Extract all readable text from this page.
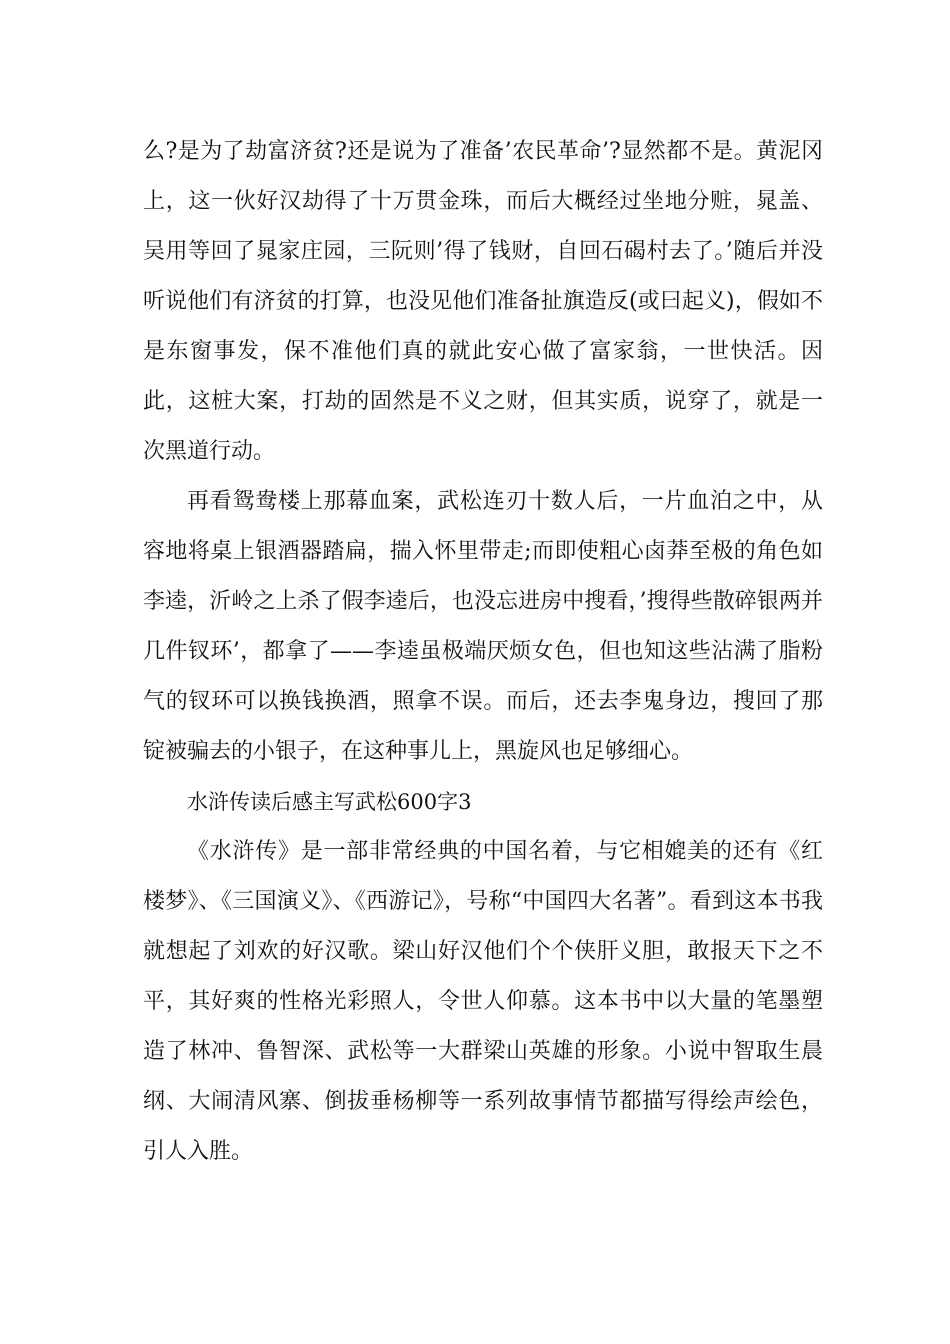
么?是为了劫富济贫?还是说为了准备’农民革命’?显然都不是。黄泥冈上，这一伙好汉劫得了十万贯金珠，而后大概经过坐地分赃，晁盖、吴用等回了晁家庄园，三阮则’得了钱财，自回石碣村去了。’随后并没听说他们有济贫的打算，也没见他们准备扯旗造反(或曰起义)，假如不是东窗事发，保不准他们真的就此安心做了富家翁，一世快活。因此，这桩大案，打劫的固然是不义之财，但其实质，说穿了，就是一次黑道行动。

再看鸳鸯楼上那幕血案，武松连刃十数人后，一片血泊之中，从容地将桌上银酒器踏扁，揣入怀里带走;而即使粗心卤莽至极的角色如李逵，沂岭之上杀了假李逵后，也没忘进房中搜看，’搜得些散碎银两并几件钗环’，都拿了——李逵虽极端厌烦女色，但也知这些沾满了脂粉气的钗环可以换钱换酒，照拿不误。而后，还去李鬼身边，搜回了那锭被骗去的小银子，在这种事儿上，黑旋风也足够细心。

水浒传读后感主写武松600字3

《水浒传》是一部非常经典的中国名着，与它相媲美的还有《红楼梦》、《三国演义》、《西游记》，号称“中国四大名著”。看到这本书我就想起了刘欢的好汉歌。梁山好汉他们个个侠肝义胆，敢报天下之不平，其好爽的性格光彩照人，令世人仰慕。这本书中以大量的笔墨塑造了林冲、鲁智深、武松等一大群梁山英雄的形象。小说中智取生晨纲、大闹清风寨、倒拔垂杨柳等一系列故事情节都描写得绘声绘色，引人入胜。
